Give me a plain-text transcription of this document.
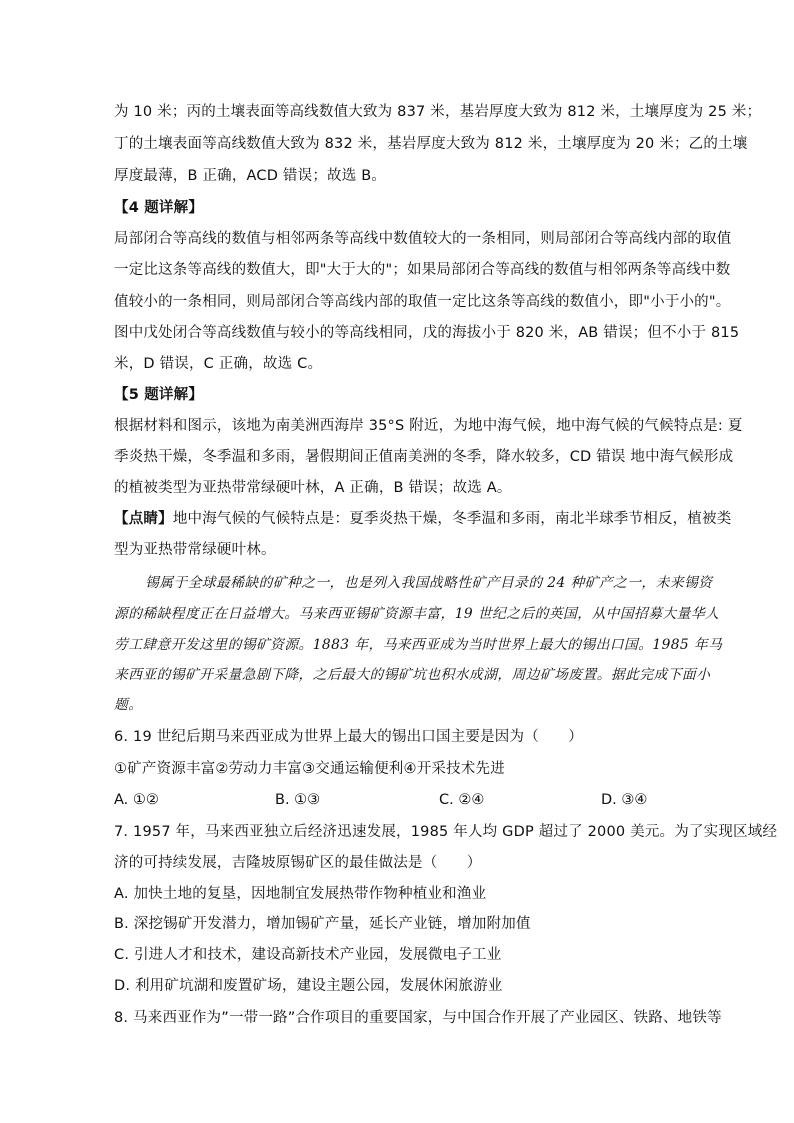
为 10 米；丙的土壤表面等高线数值大致为 837 米，基岩厚度大致为 812 米，土壤厚度为 25 米；
丁的土壤表面等高线数值大致为 832 米，基岩厚度大致为 812 米，土壤厚度为 20 米；乙的土壤
厚度最薄，B 正确，ACD 错误；故选 B。
【4 题详解】
局部闭合等高线的数值与相邻两条等高线中数值较大的一条相同，则局部闭合等高线内部的取值
一定比这条等高线的数值大，即"大于大的"；如果局部闭合等高线的数值与相邻两条等高线中数
值较小的一条相同，则局部闭合等高线内部的取值一定比这条等高线的数值小，即"小于小的"。
图中戊处闭合等高线数值与较小的等高线相同，戊的海拔小于 820 米，AB 错误；但不小于 815
米，D 错误，C 正确，故选 C。
【5 题详解】
根据材料和图示，该地为南美洲西海岸 35°S 附近，为地中海气候，地中海气候的气候特点是: 夏
季炎热干燥，冬季温和多雨，暑假期间正值南美洲的冬季，降水较多，CD 错误 地中海气候形成
的植被类型为亚热带常绿硬叶林，A 正确，B 错误；故选 A。
【点睛】地中海气候的气候特点是：夏季炎热干燥，冬季温和多雨，南北半球季节相反，植被类
型为亚热带常绿硬叶林。
锡属于全球最稀缺的矿种之一，也是列入我国战略性矿产目录的 24 种矿产之一，未来锡资
源的稀缺程度正在日益增大。马来西亚锡矿资源丰富，19 世纪之后的英国，从中国招募大量华人
劳工肆意开发这里的锡矿资源。1883 年，马来西亚成为当时世界上最大的锡出口国。1985 年马
来西亚的锡矿开采量急剧下降，之后最大的锡矿坑也积水成湖，周边矿场废置。据此完成下面小
题。
6. 19 世纪后期马来西亚成为世界上最大的锡出口国主要是因为（　　）
①矿产资源丰富②劳动力丰富③交通运输便利④开采技术先进
A. ①②	B. ①③	C. ②④	D. ③④
7. 1957 年，马来西亚独立后经济迅速发展，1985 年人均 GDP 超过了 2000 美元。为了实现区域经
济的可持续发展，吉隆坡原锡矿区的最佳做法是（　　）
A. 加快土地的复垦，因地制宜发展热带作物种植业和渔业
B. 深挖锡矿开发潜力，增加锡矿产量，延长产业链，增加附加值
C. 引进人才和技术，建设高新技术产业园，发展微电子工业
D. 利用矿坑湖和废置矿场，建设主题公园，发展休闲旅游业
8. 马来西亚作为”一带一路”合作项目的重要国家，与中国合作开展了产业园区、铁路、地铁等
